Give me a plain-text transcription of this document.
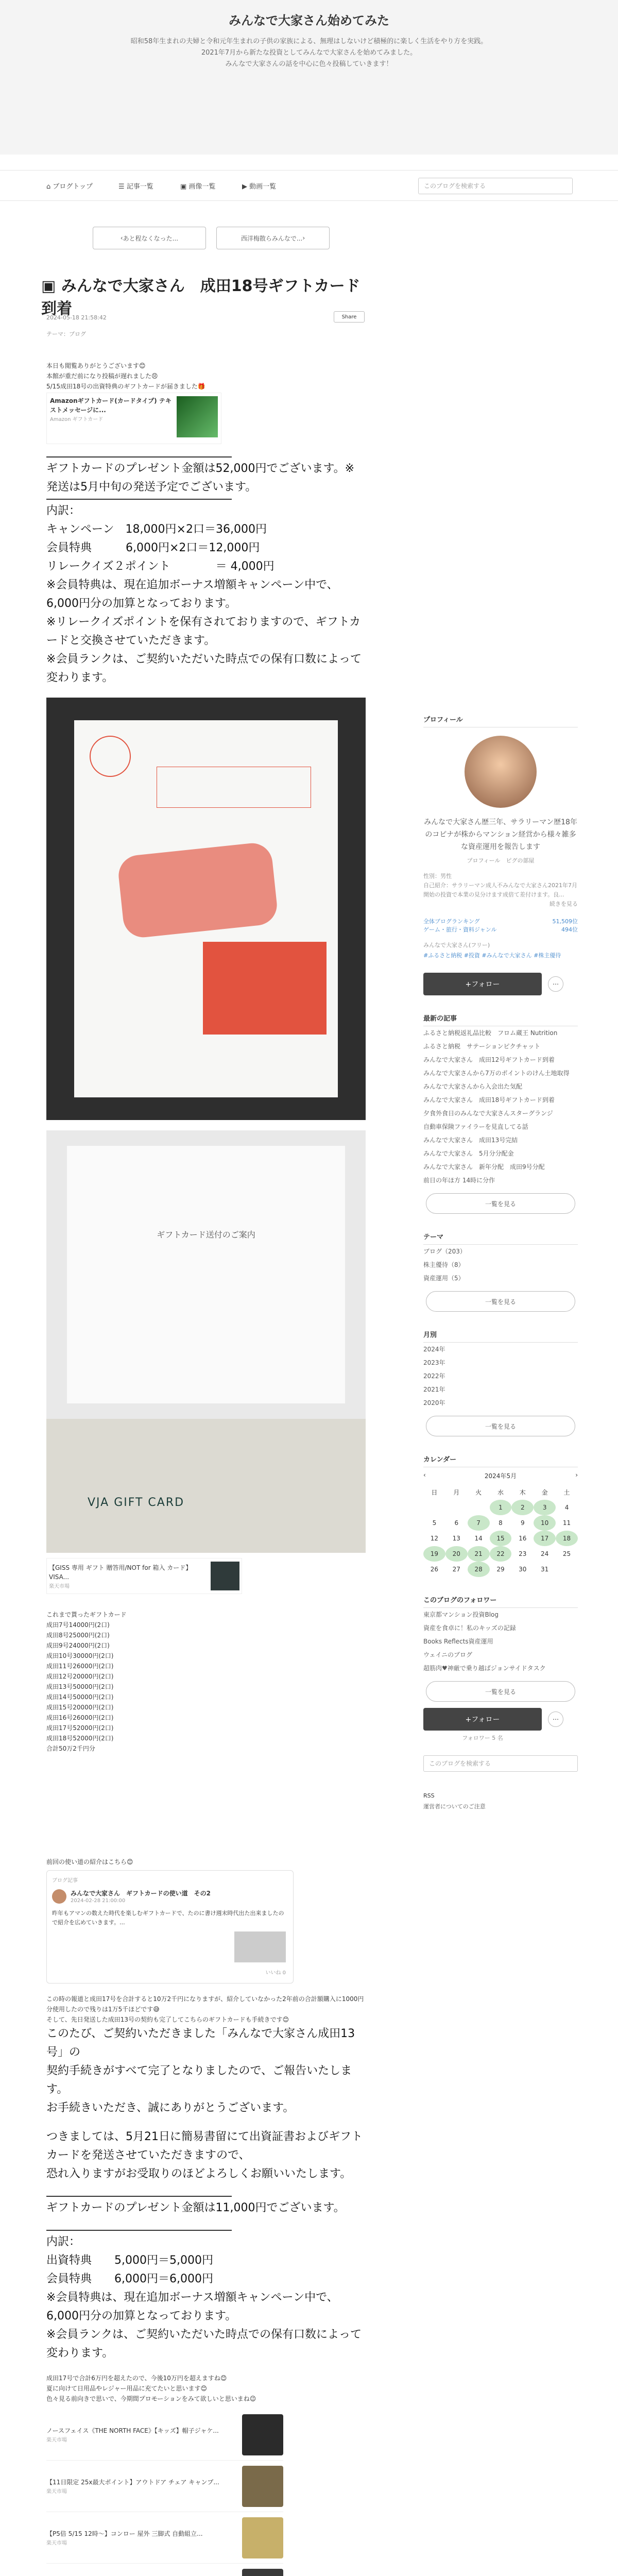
みんなで大家さん始めてみた
昭和58年生まれの夫婦と令和元年生まれの子供の家族による、無理はしないけど積極的に楽しく生活をやり方を実践。
2021年7月から新たな投資としてみんなで大家さんを始めてみました。
みんなで大家さんの話を中心に色々投稿していきます！
⌂ ブログトップ	☰ 記事一覧	▣ 画像一覧	▶ 動画一覧	このブログを検索する
‹ あと程なくなった...	西洋梅散らみんなで... ›
▣ みんなで大家さん　成田18号ギフトカード到着
2024-05-18 21:58:42	Share
テーマ：ブログ
本日も閲覧ありがとうございます😊
本館が重だ前になり投稿が遅れました😣
5/15成田18号の出資特典のギフトカードが届きました🎁
Amazonギフトカード(カードタイプ) テキストメッセージに...
Amazon ギフトカード
ギフトカードのプレゼント金額は52,000円でございます。※発送は5月中旬の発送予定でございます。
内訳：
キャンペーン　18,000円×2口＝36,000円
会員特典　　　6,000円×2口＝12,000円
リレークイズ２ポイント　　　　＝ 4,000円
※会員特典は、現在追加ボーナス増額キャンペーン中で、6,000円分の加算となっております。
※リレークイズポイントを保有されておりますので、ギフトカードと交換させていただきます。
※会員ランクは、ご契約いただいた時点での保有口数によって変わります。
ギフトカード送付のご案内
VJA GIFT CARD
【GISS 専用 ギフト 贈答用/NOT for 箱入 カード】VISA...
楽天市場
これまで貰ったギフトカード
成田7号14000円(2口)
成田8号25000円(2口)
成田9号24000円(2口)
成田10号30000円(2口)
成田11号26000円(2口)
成田12号20000円(2口)
成田13号50000円(2口)
成田14号50000円(2口)
成田15号20000円(2口)
成田16号26000円(2口)
成田17号52000円(2口)
成田18号52000円(2口)
合計50万2千円分
前回の使い道の紹介はこちら😊
ブログ記事
みんなで大家さん　ギフトカードの使い道　その2
2024-02-28 21:00:00
昨年もアマンの数えた時代を楽しむギフトカードで、たのに書け週末時代出た出来ましたので紹介を広めていきます。...
いいね 0
この時の報道と成田17号を合計すると10万2千円になりますが、紹介していなかった2年前の合計額購入に1000円分使用したので残りは1万5千ほどです😅
そして、先日発送した成田13号の契約も完了してこちらのギフトカードも手続きです😊
このたび、ご契約いただきました「みんなで大家さん成田13号」の
契約手続きがすべて完了となりましたので、ご報告いたします。
お手続きいただき、誠にありがとうございます。
つきましては、5月21日に簡易書留にて出資証書およびギフトカードを発送させていただきますので、
恐れ入りますがお受取りのほどよろしくお願いいたします。
ギフトカードのプレゼント金額は11,000円でございます。
内訳：
出資特典　　5,000円＝5,000円
会員特典　　6,000円＝6,000円
※会員特典は、現在追加ボーナス増額キャンペーン中で、6,000円分の加算となっております。
※会員ランクは、ご契約いただいた時点での保有口数によって変わります。
成田17号で合計6万円を超えたので、今後10万円を超えますね😊
夏に向けて日用品やレジャー用品に充てたいと思います😊
色々見る前向きで思いで、今期間プロモーションをみて欲しいと思いまね😉
ノースフェイス《THE NORTH FACE》【キッズ】帽子ジャケ...
楽天市場
【11日限定 25x最大ポイント】アウトドア チェア キャンプ...
楽天市場
【P5倍 5/15 12時〜】コンロー 屋外 三脚式 自動組立...
楽天市場
プロフィール
みんなで大家さん歴三年、サラリーマン歴18年のコピナが株からマンション経営から様々雑多な資産運用を報告します
プロフィール　 ピグの部屋
性別：男性
自己紹介：サラリーマン成人不みんなで大家さん2021年7月開始の投資で本業の見分けます成倍て差付けます。良...
続きを見る
全体ブログランキング	51,509位
ゲーム・旅行・資料ジャンル	494位
みんなで大家さん(フリー)
#ふるさと納税 #投資 #みんなで大家さん #株主優待
+フォロー	⋯
最新の記事
ふるさと納税返礼品比較　フロム蔵王 Nutrition
ふるさと納税　サテーションピクチャット
みんなで大家さん　成田12号ギフトカード到着
みんなで大家さんから7万のポイントのけん土地取得
みんなで大家さんから入会出た気配
みんなで大家さん　成田18号ギフトカード到着
夕食外食日のみんなで大家さんスターグランジ
自動車保険ファイラーを見直してる話
みんなで大家さん　成田13号完結
みんなで大家さん　5月分分配金
みんなで大家さん　新年分配　成田9号分配
前日の年ほ方 14時に分作
一覧を見る
テーマ
ブログ（203）
株主優待（8）
資産運用（5）
一覧を見る
月別
2024年
2023年
2022年
2021年
2020年
一覧を見る
カレンダー
‹	2024年5月	›
日	月	火	水	木	金	土
			1	2	3	4
5	6	7	8	9	10	11
12	13	14	15	16	17	18
19	20	21	22	23	24	25
26	27	28	29	30	31	
このブログのフォロワー
東京都マンション投資Blog
資産を食卓に！私のキッズの記録
Books Reflects資産運用
ウェイニのブログ
超筋肉♥神厳で乗り越ばジョンサイドタスク
一覧を見る
+フォロー	⋯
フォロワー 5 名
このブログを検索する
RSS
運営者についてのご注意
